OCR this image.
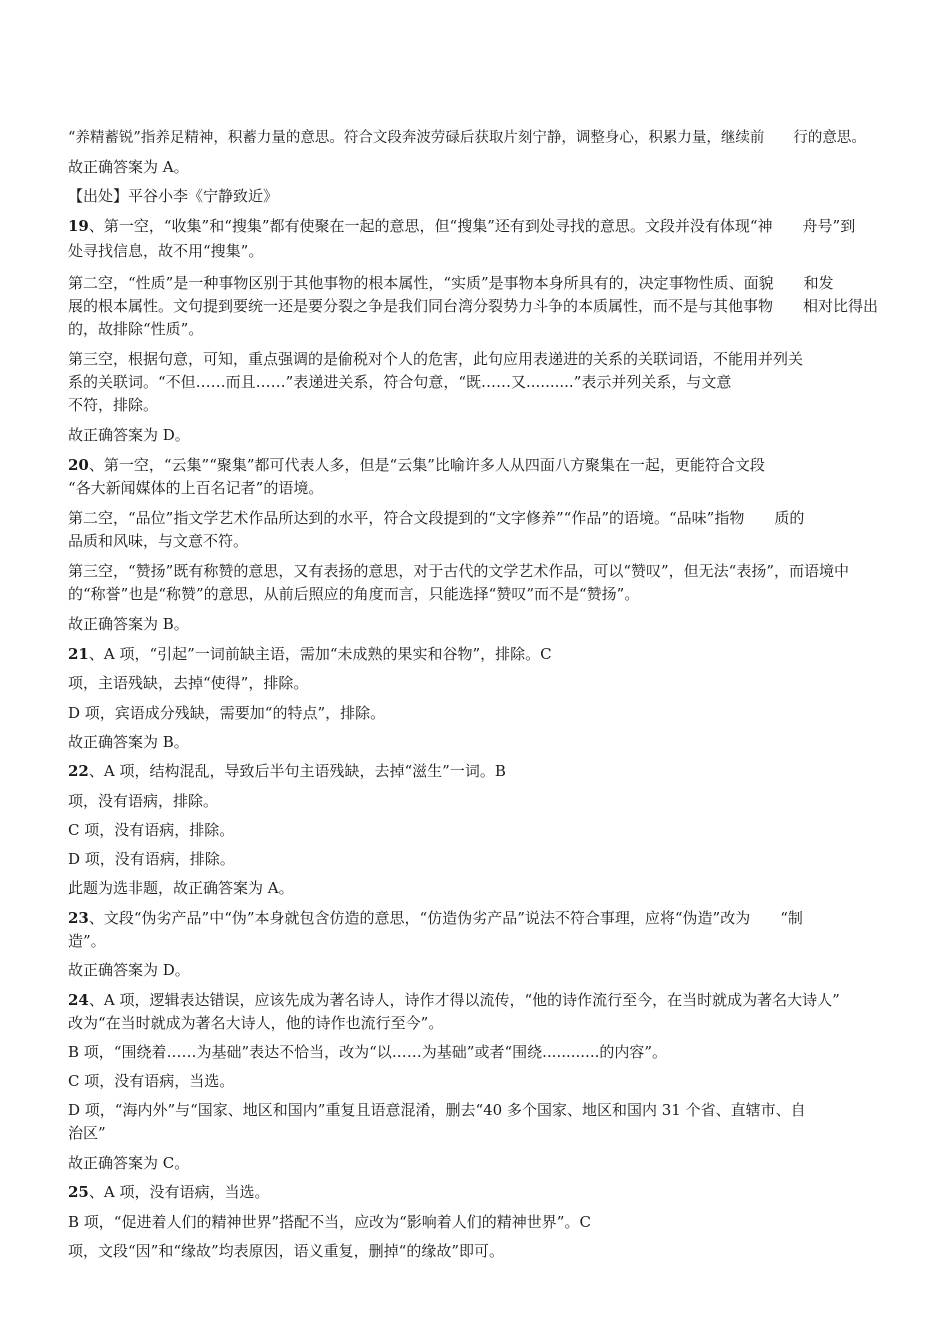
“养精蓄锐”指养足精神，积蓄力量的意思。符合文段奔波劳碌后获取片刻宁静，调整身心，积累力量，继续前　　行的意思。
故正确答案为 A。
【出处】平谷小李《宁静致近》
19、第一空，“收集”和“搜集”都有使聚在一起的意思，但“搜集”还有到处寻找的意思。文段并没有体现“神　　舟号”到
处寻找信息，故不用“搜集”。
第二空，“性质”是一种事物区别于其他事物的根本属性，“实质”是事物本身所具有的，决定事物性质、面貌　　和发
展的根本属性。文句提到要统一还是要分裂之争是我们同台湾分裂势力斗争的本质属性，而不是与其他事物　　相对比得出
的，故排除“性质”。
第三空，根据句意，可知，重点强调的是偷税对个人的危害，此句应用表递进的关系的关联词语，不能用并列关
系的关联词。“不但……而且……”表递进关系，符合句意，“既……又..........”表示并列关系，与文意
不符，排除。
故正确答案为 D。
20、第一空，“云集”“聚集”都可代表人多，但是“云集”比喻许多人从四面八方聚集在一起，更能符合文段
“各大新闻媒体的上百名记者”的语境。
第二空，“品位”指文学艺术作品所达到的水平，符合文段提到的“文字修养”“作品”的语境。“品味”指物　　质的
品质和风味，与文意不符。
第三空，“赞扬”既有称赞的意思，又有表扬的意思，对于古代的文学艺术作品，可以“赞叹”，但无法“表扬”，而语境中
的“称誉”也是“称赞”的意思，从前后照应的角度而言，只能选择“赞叹”而不是“赞扬”。
故正确答案为 B。
21、A 项，“引起”一词前缺主语，需加“未成熟的果实和谷物”，排除。C
项，主语残缺，去掉“使得”，排除。
D 项，宾语成分残缺，需要加“的特点”，排除。
故正确答案为 B。
22、A 项，结构混乱，导致后半句主语残缺，去掉“滋生”一词。B
项，没有语病，排除。
C 项，没有语病，排除。
D 项，没有语病，排除。
此题为选非题，故正确答案为 A。
23、文段“伪劣产品”中“伪”本身就包含仿造的意思，“仿造伪劣产品”说法不符合事理，应将“伪造”改为　　“制
造”。
故正确答案为 D。
24、A 项，逻辑表达错误，应该先成为著名诗人，诗作才得以流传，“他的诗作流行至今，在当时就成为著名大诗人”
改为“在当时就成为著名大诗人，他的诗作也流行至今”。
B 项，“围绕着……为基础”表达不恰当，改为“以……为基础”或者“围绕............的内容”。
C 项，没有语病，当选。
D 项，“海内外”与“国家、地区和国内”重复且语意混淆，删去“40 多个国家、地区和国内 31 个省、直辖市、自
治区”
故正确答案为 C。
25、A 项，没有语病，当选。
B 项，“促进着人们的精神世界”搭配不当，应改为“影响着人们的精神世界”。C
项，文段“因”和“缘故”均表原因，语义重复，删掉“的缘故”即可。
